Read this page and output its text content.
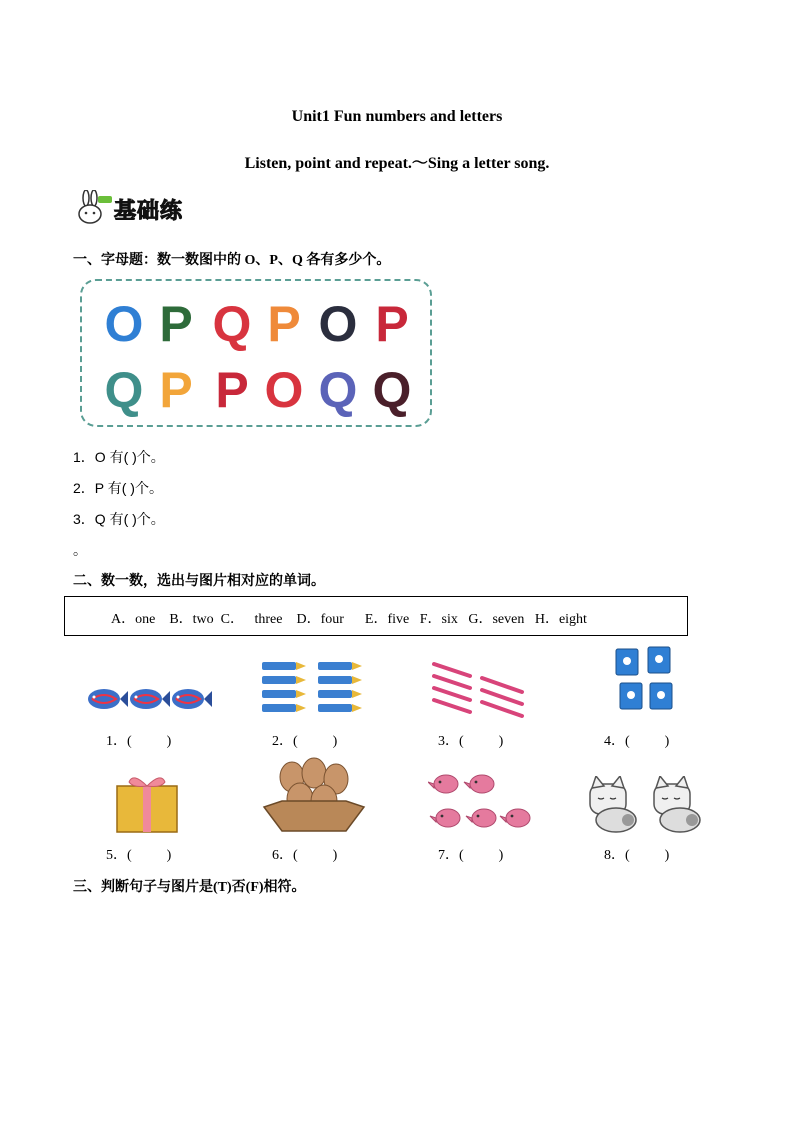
Unit1 Fun numbers and letters
Listen, point and repeat.～Sing a letter song.
基础练
一、字母题：数一数图中的 O、P、Q 各有多少个。
O P Q P O P
Q P P O Q Q
1．O 有( )个。
2．P 有( )个。
3．Q 有( )个。
。
二、数一数，选出与图片相对应的单词。
A．one    B．two  C．   three    D．four      E．five   F．six   G．seven   H．eight
1．(          )	2．(          )	3．(          )	4．(          )
5．(          )	6．(          )	7．(          )	8．(          )
三、判断句子与图片是(T)否(F)相符。
